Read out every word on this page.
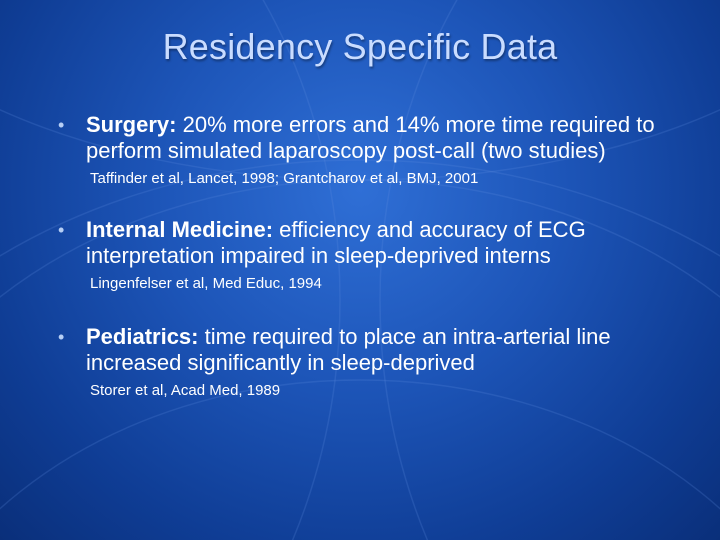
Residency Specific Data
• Surgery: 20% more errors and 14% more time required to perform simulated laparoscopy post-call (two studies)
Taffinder et al, Lancet, 1998; Grantcharov et al, BMJ, 2001
• Internal Medicine: efficiency and accuracy of ECG interpretation impaired in sleep-deprived interns
Lingenfelser et al, Med Educ, 1994
• Pediatrics: time required to place an intra-arterial line increased significantly in sleep-deprived
Storer et al, Acad Med, 1989
